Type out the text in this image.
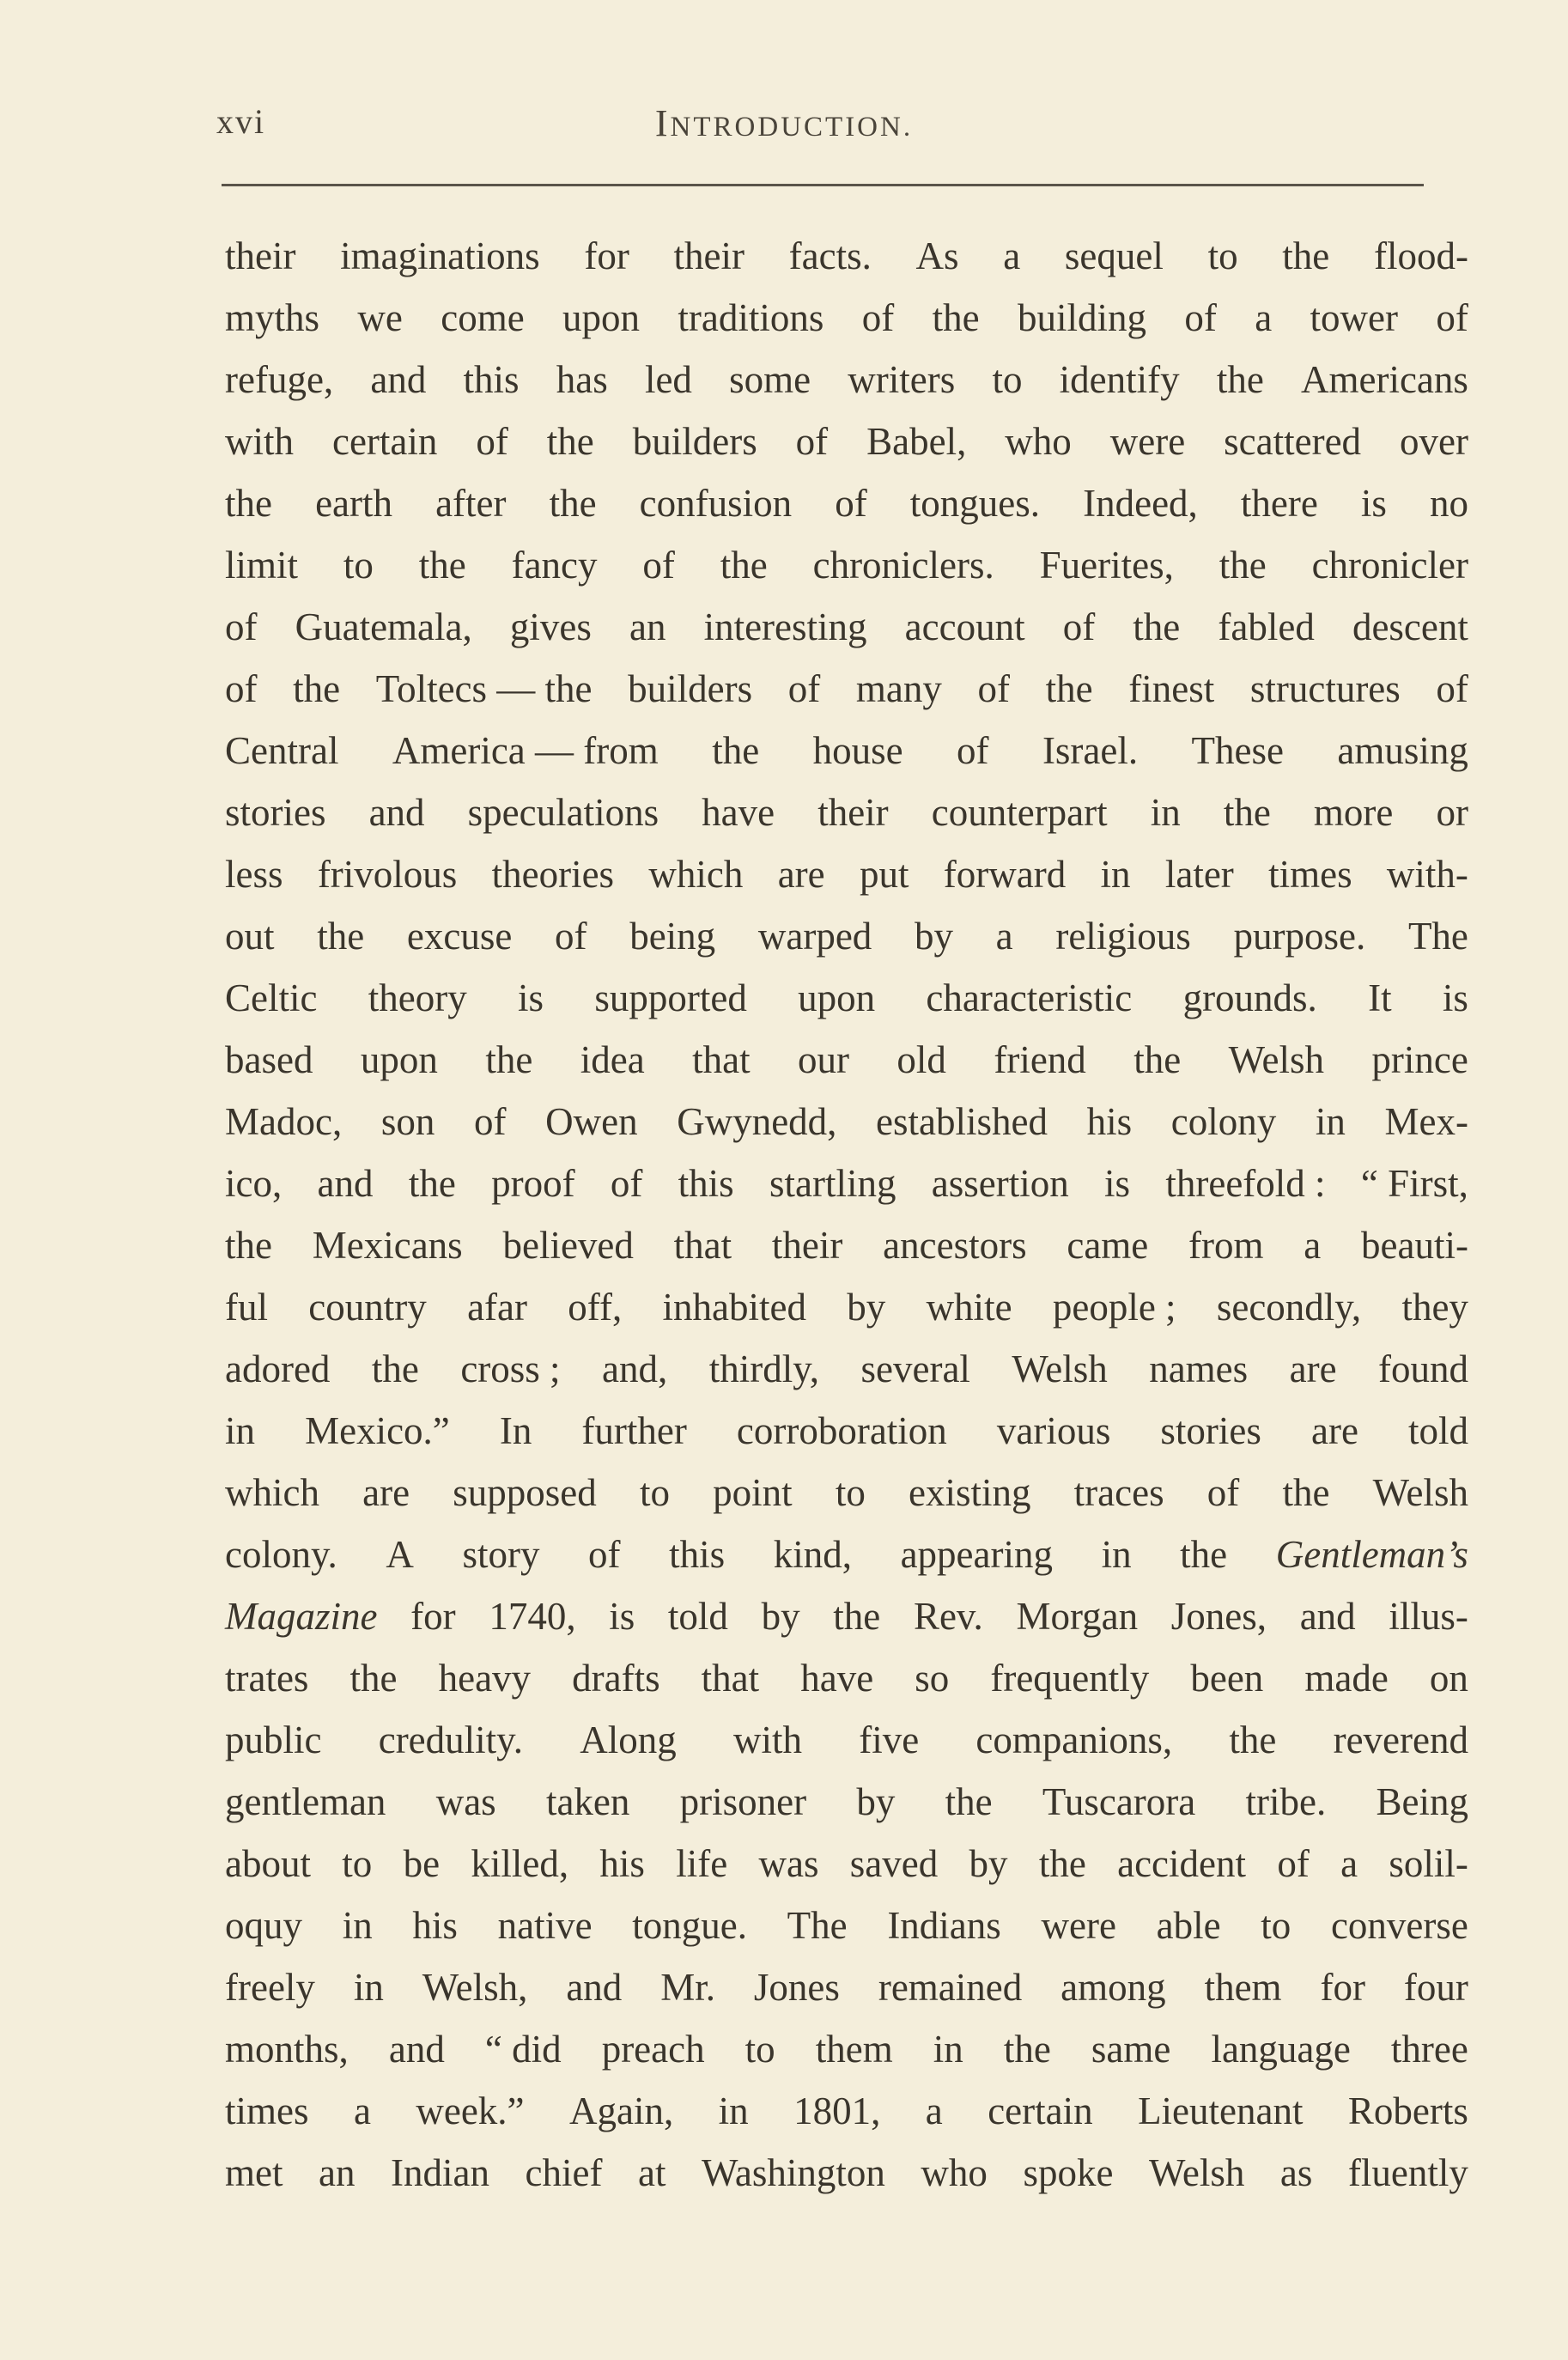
xvi	INTRODUCTION.
their imaginations for their facts. As a sequel to the flood-
myths we come upon traditions of the building of a tower of
refuge, and this has led some writers to identify the Americans
with certain of the builders of Babel, who were scattered over
the earth after the confusion of tongues. Indeed, there is no
limit to the fancy of the chroniclers. Fuerites, the chronicler
of Guatemala, gives an interesting account of the fabled descent
of the Toltecs — the builders of many of the finest structures of
Central America — from the house of Israel. These amusing
stories and speculations have their counterpart in the more or
less frivolous theories which are put forward in later times with-
out the excuse of being warped by a religious purpose. The
Celtic theory is supported upon characteristic grounds. It is
based upon the idea that our old friend the Welsh prince
Madoc, son of Owen Gwynedd, established his colony in Mex-
ico, and the proof of this startling assertion is threefold : “ First,
the Mexicans believed that their ancestors came from a beauti-
ful country afar off, inhabited by white people ; secondly, they
adored the cross ; and, thirdly, several Welsh names are found
in Mexico.” In further corroboration various stories are told
which are supposed to point to existing traces of the Welsh
colony. A story of this kind, appearing in the Gentleman’s
Magazine for 1740, is told by the Rev. Morgan Jones, and illus-
trates the heavy drafts that have so frequently been made on
public credulity. Along with five companions, the reverend
gentleman was taken prisoner by the Tuscarora tribe. Being
about to be killed, his life was saved by the accident of a solil-
oquy in his native tongue. The Indians were able to converse
freely in Welsh, and Mr. Jones remained among them for four
months, and “ did preach to them in the same language three
times a week.” Again, in 1801, a certain Lieutenant Roberts
met an Indian chief at Washington who spoke Welsh as fluently
